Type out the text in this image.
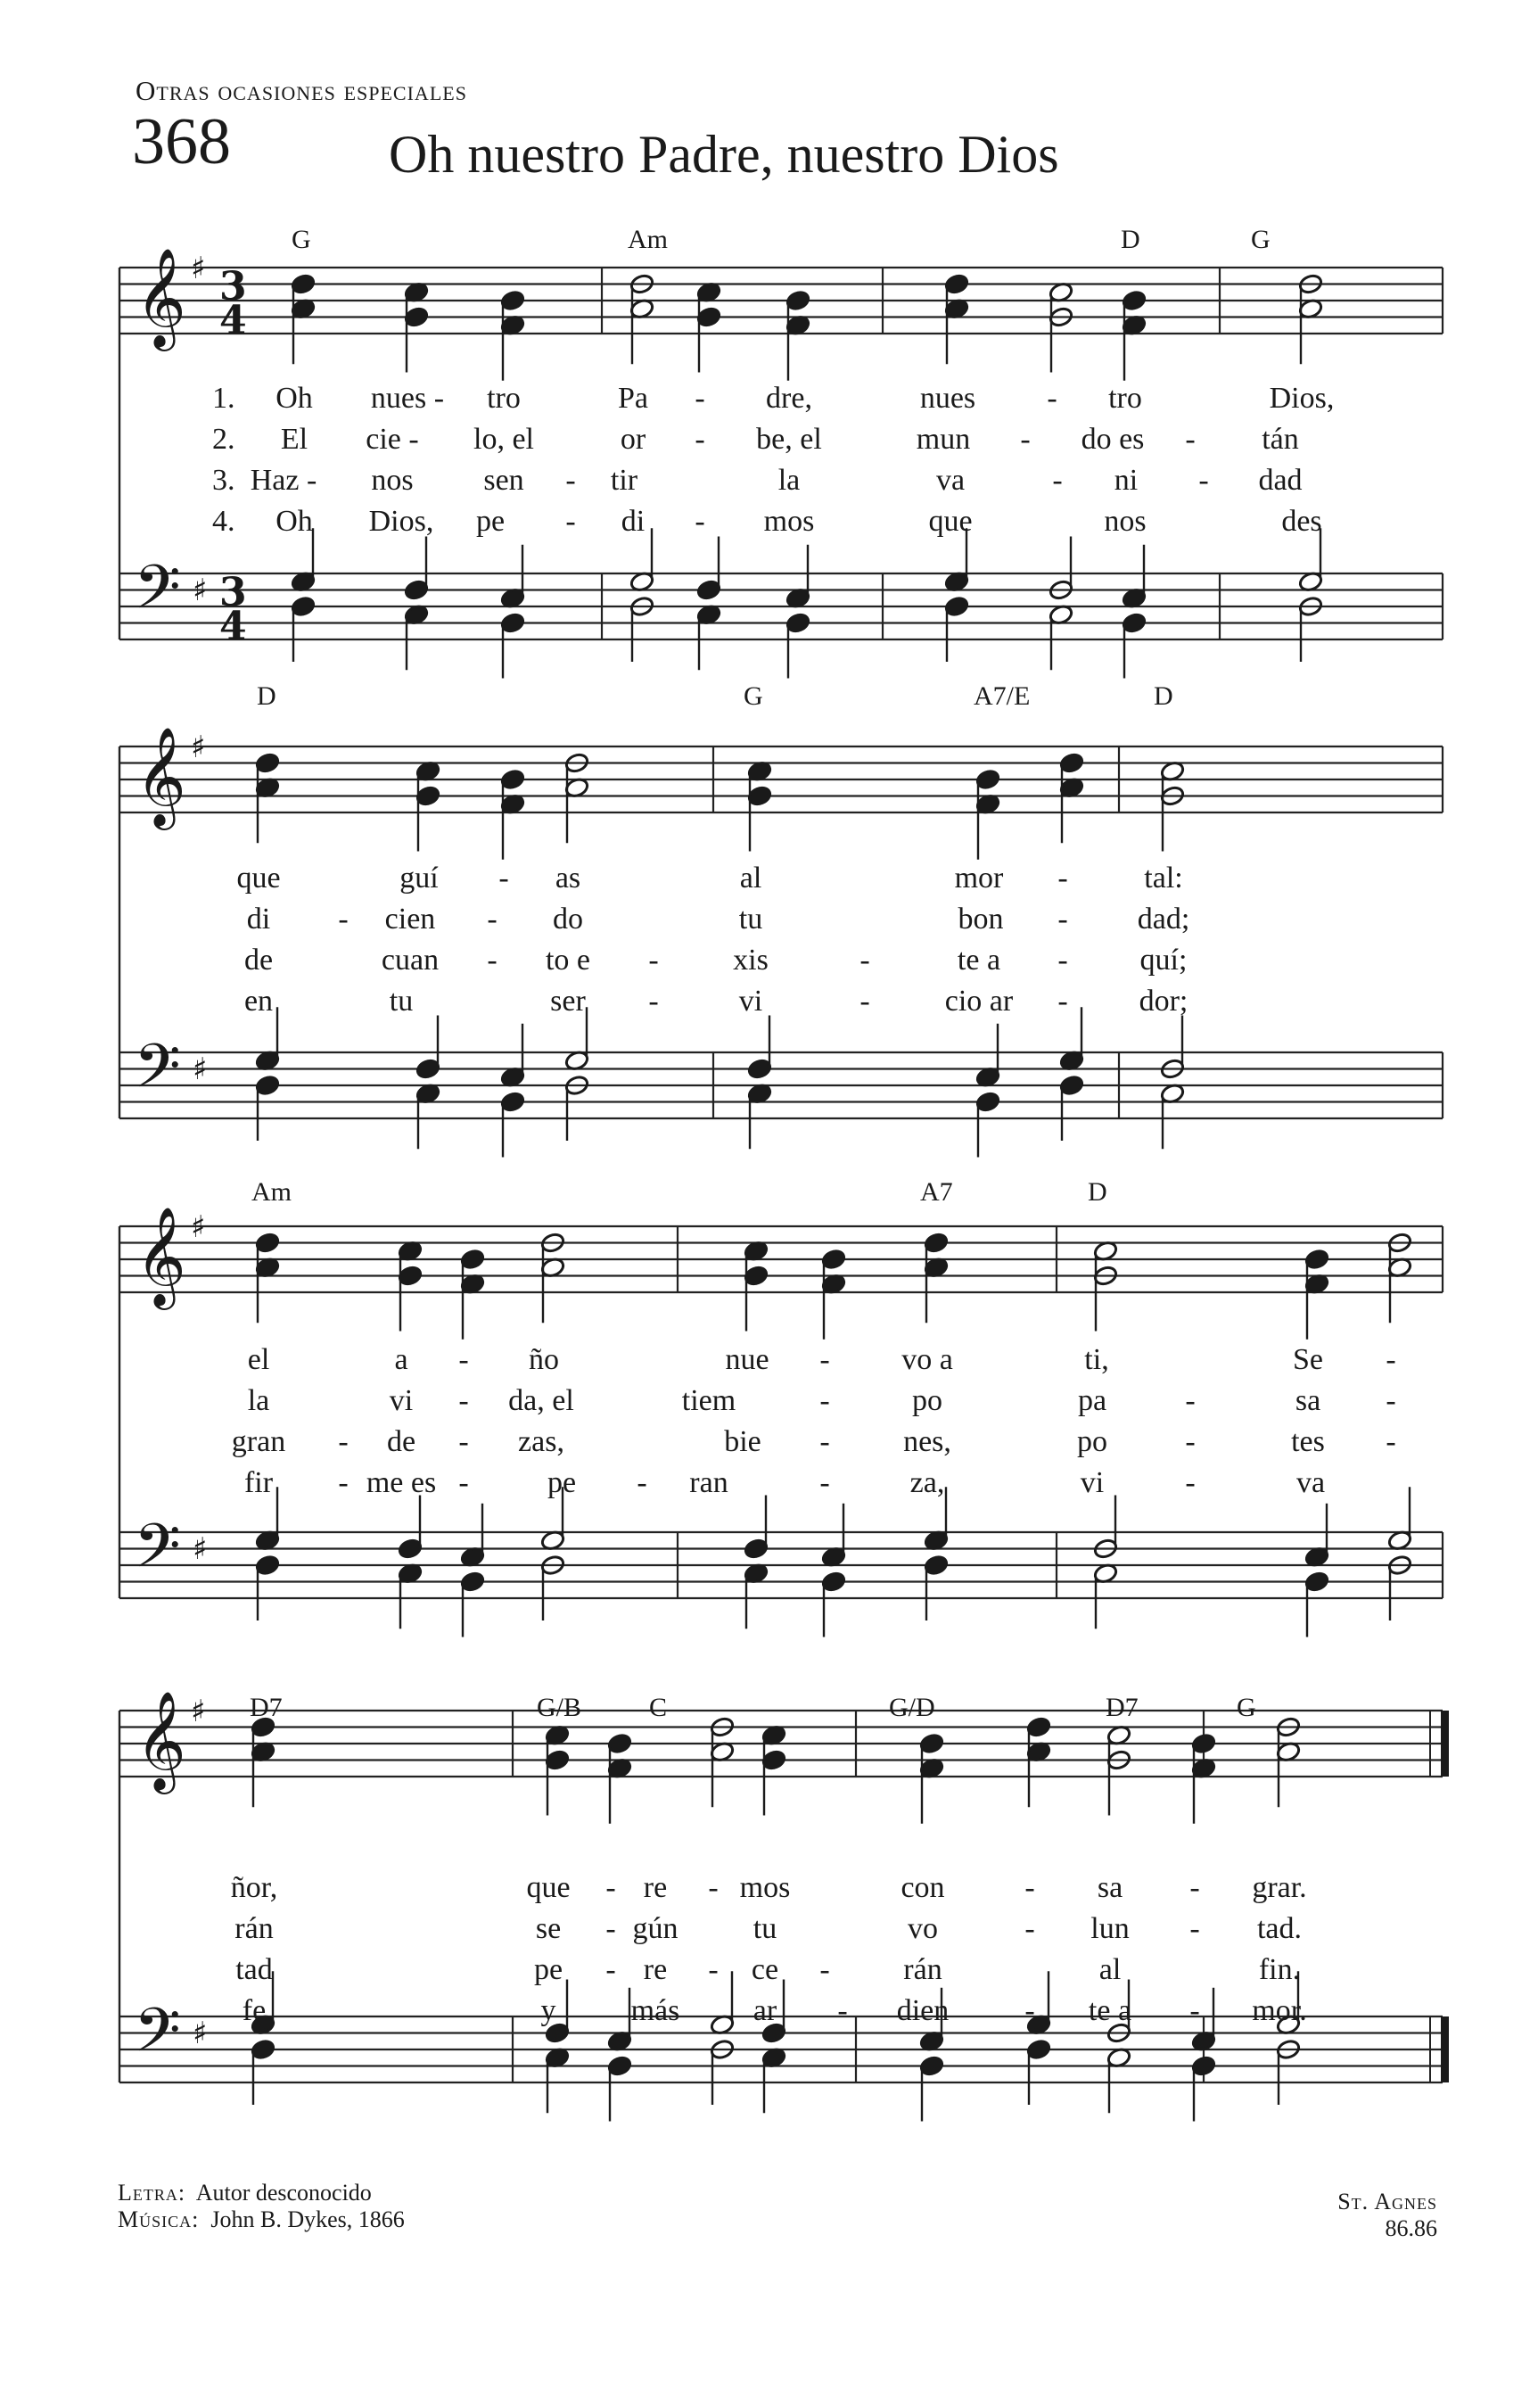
Otras ocasiones especiales
368	Oh nuestro Padre, nuestro Dios
𝄞
𝄢
♯
♯
3
4
3
4
𝄞
𝄢
♯
♯
𝄞
𝄢
♯
♯
𝄞
𝄢
♯
♯
1.
2.
3.
4.
G	Am	D	G
Oh nues - tro	Pa - dre,	nues - tro	Dios,
El cie - lo, el	or - be, el	mun - do es - tán
Haz - nos sen - tir	la	va	- ni - dad
Oh Dios, pe - di - mos	que	nos	des
D	G	A7/E	D
que	guí - as	al	mor -	tal:
di - cien - do	tu	bon - dad;
de	cuan - to e - xis	-	te a - quí;
en	tu	ser -	vi	- cio ar - dor;
Am	A7	D
el	a - ño	nue - vo a	ti,	Se -
la	vi - da, el	tiem	-	po	pa	-	sa -
gran - de - zas,	bie - nes,	po	-	tes -
fir - me es -	pe - ran	-	za,	vi	-	va
D7	G/B	C	G/D	D7	G
ñor,	que - re - mos	con	- sa - grar.
rán	se - gún tu	vo	- lun - tad.
tad	pe - re - ce - rán	al	fin.
fe	y más ar - dien	- te a - mor.
Letra: Autor desconocido
Música: John B. Dykes, 1866
St. Agnes
86.86
